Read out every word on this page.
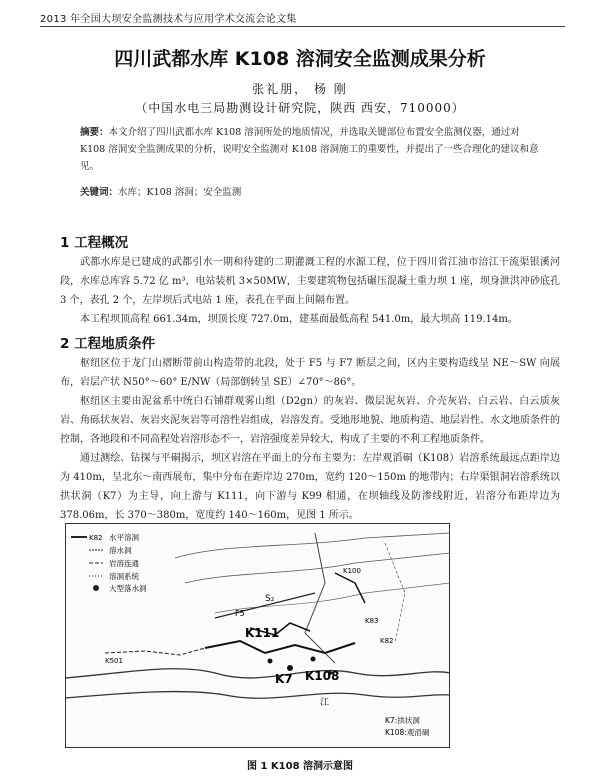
2013 年全国大坝安全监测技术与应用学术交流会论文集
四川武都水库 K108 溶洞安全监测成果分析
张礼朋， 杨 刚
（中国水电三局勘测设计研究院，陕西 西安，710000）
摘要：本文介绍了四川武都水库 K108 溶洞所处的地质情况，并选取关键部位布置安全监测仪器，通过对 K108 溶洞安全监测成果的分析，说明安全监测对 K108 溶洞施工的重要性，并提出了一些合理化的建议和意见。
关键词：水库；K108 溶洞；安全监测
1 工程概况

武都水库是已建成的武都引水一期和待建的二期灌溉工程的水源工程，位于四川省江油市涪江干流渠银溪河段，水库总库容 5.72 亿 m³，电站装机 3×50MW，主要建筑物包括碾压混凝土重力坝 1 座，坝身泄洪冲砂底孔 3 个，表孔 2 个，左岸坝后式电站 1 座，表孔在平面上间隔布置。

本工程坝顶高程 661.34m，坝顶长度 727.0m，建基面最低高程 541.0m，最大坝高 119.14m。

2 工程地质条件

枢纽区位于龙门山褶断带前山构造带的北段，处于 F5 与 F7 断层之间，区内主要构造线呈 NE～SW 向展布，岩层产状 N50°～60° E/NW（局部倒转呈 SE）∠70°～86°。

枢纽区主要由泥盆系中统白石铺群观雾山组（D2gn）的灰岩、微层泥灰岩、介壳灰岩、白云岩、白云质灰岩、角砾状灰岩、灰岩夹泥灰岩等可溶性岩组成，岩溶发育。受地形地貌、地质构造、地层岩性、水文地质条件的控制，各地段和不同高程处岩溶形态不一，岩溶强度差异较大，构成了主要的不利工程地质条件。

通过测绘、钻探与平硐揭示，坝区岩溶在平面上的分布主要为：左岸观滔硐（K108）岩溶系统最远点距岸边为 410m，呈北东～南西展布，集中分布在距岸边 270m，宽约 120～150m 的地带内；右岸渠银洞岩溶系统以拱状洞（K7）为主导，向上游与 K111，向下游与 K99 相通，在坝轴线及防渗线附近，岩溶分布距岸边为 378.06m，长 370～380m，宽度约 140～160m，见图 1 所示。

K82 水平溶洞
溶水洞
岩溶连通
溶洞系统
大型落水洞
F5
S₂
K111
K7 K108
K501
K100
K83
K82
江
K7:拱状洞
K108:观滔硐
图 1 K108 溶洞示意图
